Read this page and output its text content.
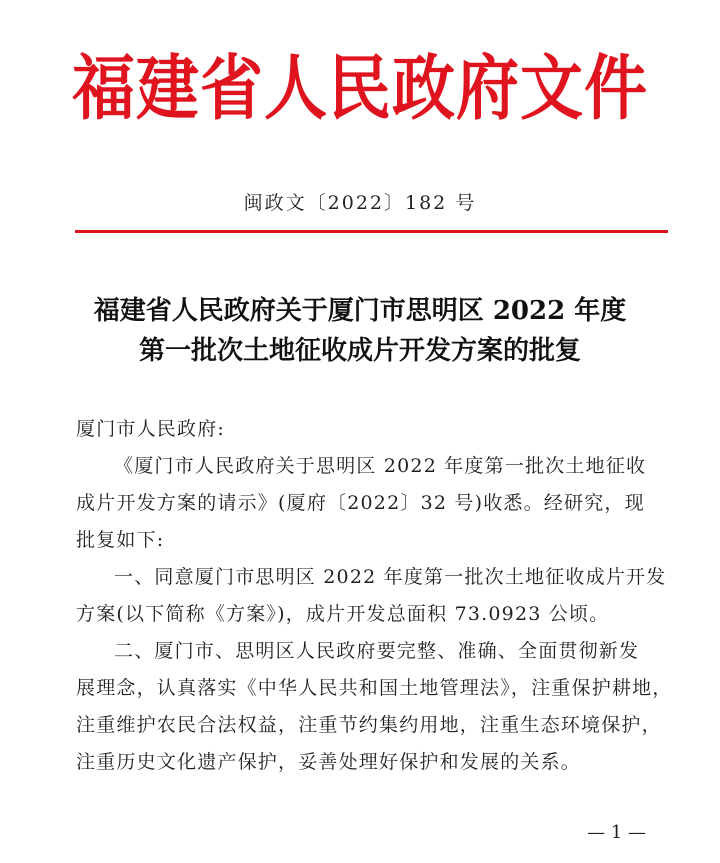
福建省人民政府文件
闽政文〔2022〕182 号
福建省人民政府关于厦门市思明区 2022 年度
第一批次土地征收成片开发方案的批复
厦门市人民政府:
《厦门市人民政府关于思明区 2022 年度第一批次土地征收
成片开发方案的请示》(厦府〔2022〕32 号)收悉。经研究，现
批复如下:
一、同意厦门市思明区 2022 年度第一批次土地征收成片开发
方案(以下简称《方案》)，成片开发总面积 73.0923 公顷。
二、厦门市、思明区人民政府要完整、准确、全面贯彻新发
展理念，认真落实《中华人民共和国土地管理法》，注重保护耕地，
注重维护农民合法权益，注重节约集约用地，注重生态环境保护，
注重历史文化遗产保护，妥善处理好保护和发展的关系。
— 1 —
